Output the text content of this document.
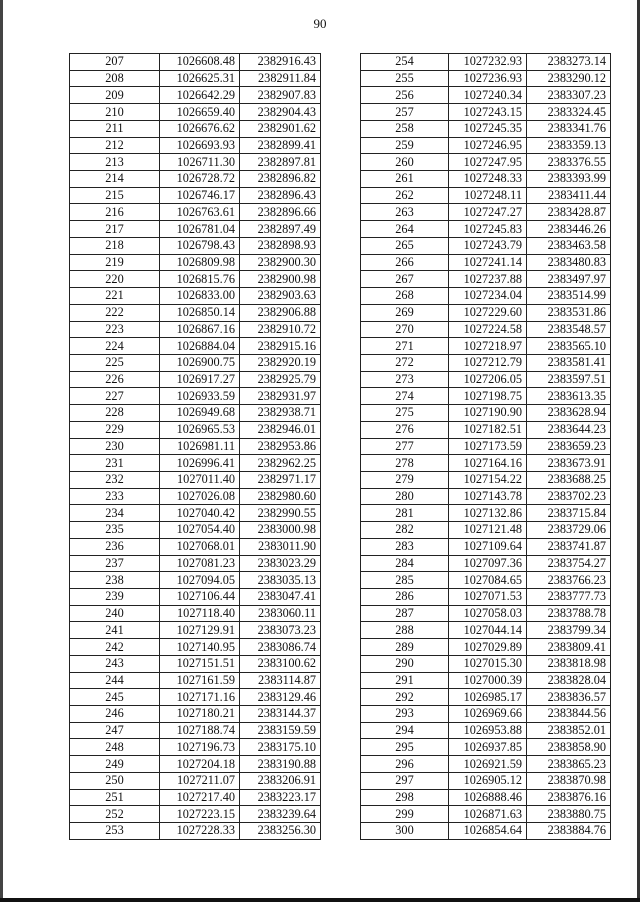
90
207	1026608.48	2382916.43
208	1026625.31	2382911.84
209	1026642.29	2382907.83
210	1026659.40	2382904.43
211	1026676.62	2382901.62
212	1026693.93	2382899.41
213	1026711.30	2382897.81
214	1026728.72	2382896.82
215	1026746.17	2382896.43
216	1026763.61	2382896.66
217	1026781.04	2382897.49
218	1026798.43	2382898.93
219	1026809.98	2382900.30
220	1026815.76	2382900.98
221	1026833.00	2382903.63
222	1026850.14	2382906.88
223	1026867.16	2382910.72
224	1026884.04	2382915.16
225	1026900.75	2382920.19
226	1026917.27	2382925.79
227	1026933.59	2382931.97
228	1026949.68	2382938.71
229	1026965.53	2382946.01
230	1026981.11	2382953.86
231	1026996.41	2382962.25
232	1027011.40	2382971.17
233	1027026.08	2382980.60
234	1027040.42	2382990.55
235	1027054.40	2383000.98
236	1027068.01	2383011.90
237	1027081.23	2383023.29
238	1027094.05	2383035.13
239	1027106.44	2383047.41
240	1027118.40	2383060.11
241	1027129.91	2383073.23
242	1027140.95	2383086.74
243	1027151.51	2383100.62
244	1027161.59	2383114.87
245	1027171.16	2383129.46
246	1027180.21	2383144.37
247	1027188.74	2383159.59
248	1027196.73	2383175.10
249	1027204.18	2383190.88
250	1027211.07	2383206.91
251	1027217.40	2383223.17
252	1027223.15	2383239.64
253	1027228.33	2383256.30
254	1027232.93	2383273.14
255	1027236.93	2383290.12
256	1027240.34	2383307.23
257	1027243.15	2383324.45
258	1027245.35	2383341.76
259	1027246.95	2383359.13
260	1027247.95	2383376.55
261	1027248.33	2383393.99
262	1027248.11	2383411.44
263	1027247.27	2383428.87
264	1027245.83	2383446.26
265	1027243.79	2383463.58
266	1027241.14	2383480.83
267	1027237.88	2383497.97
268	1027234.04	2383514.99
269	1027229.60	2383531.86
270	1027224.58	2383548.57
271	1027218.97	2383565.10
272	1027212.79	2383581.41
273	1027206.05	2383597.51
274	1027198.75	2383613.35
275	1027190.90	2383628.94
276	1027182.51	2383644.23
277	1027173.59	2383659.23
278	1027164.16	2383673.91
279	1027154.22	2383688.25
280	1027143.78	2383702.23
281	1027132.86	2383715.84
282	1027121.48	2383729.06
283	1027109.64	2383741.87
284	1027097.36	2383754.27
285	1027084.65	2383766.23
286	1027071.53	2383777.73
287	1027058.03	2383788.78
288	1027044.14	2383799.34
289	1027029.89	2383809.41
290	1027015.30	2383818.98
291	1027000.39	2383828.04
292	1026985.17	2383836.57
293	1026969.66	2383844.56
294	1026953.88	2383852.01
295	1026937.85	2383858.90
296	1026921.59	2383865.23
297	1026905.12	2383870.98
298	1026888.46	2383876.16
299	1026871.63	2383880.75
300	1026854.64	2383884.76
